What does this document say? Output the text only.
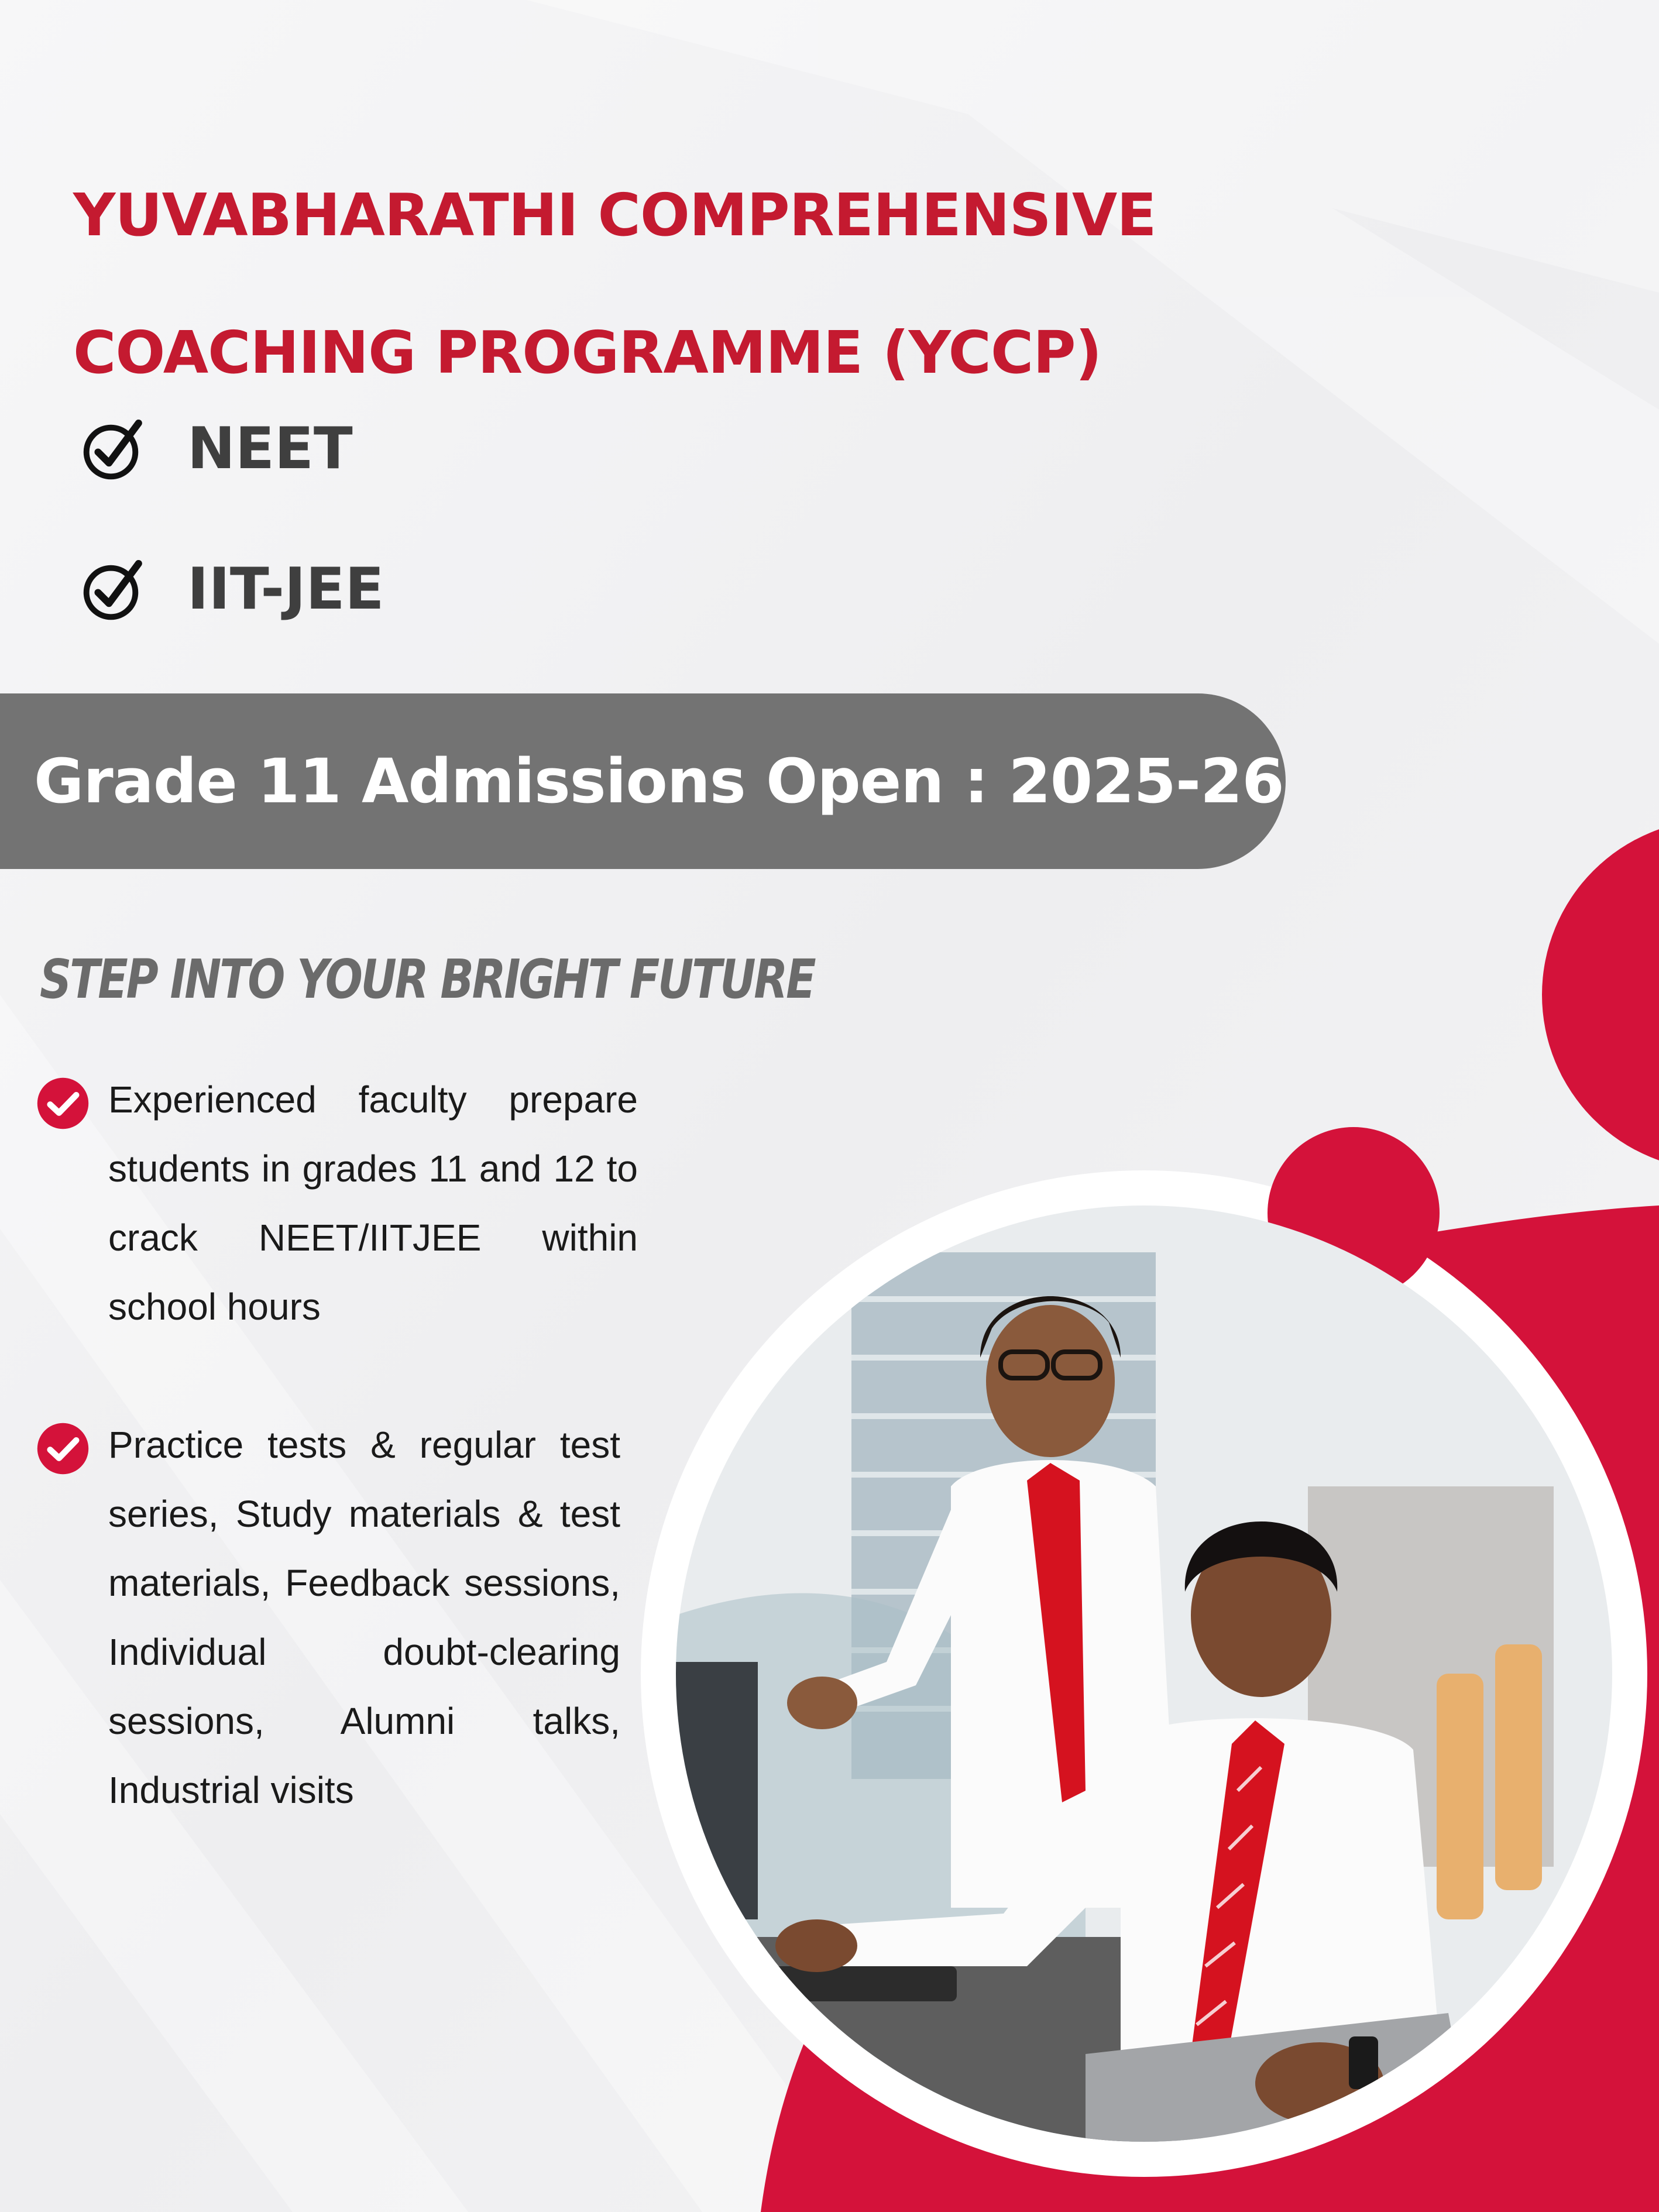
YUVABHARATHI COMPREHENSIVE
COACHING PROGRAMME (YCCP)
NEET
IIT-JEE
Grade 11 Admissions Open : 2025-26
STEP INTO YOUR BRIGHT FUTURE
Experienced faculty prepare students in grades 11 and 12 to crack NEET/IITJEE within school hours
Practice tests & regular test series, Study materials & test materials, Feedback sessions, Individual doubt-clearing sessions, Alumni talks, Industrial visits
